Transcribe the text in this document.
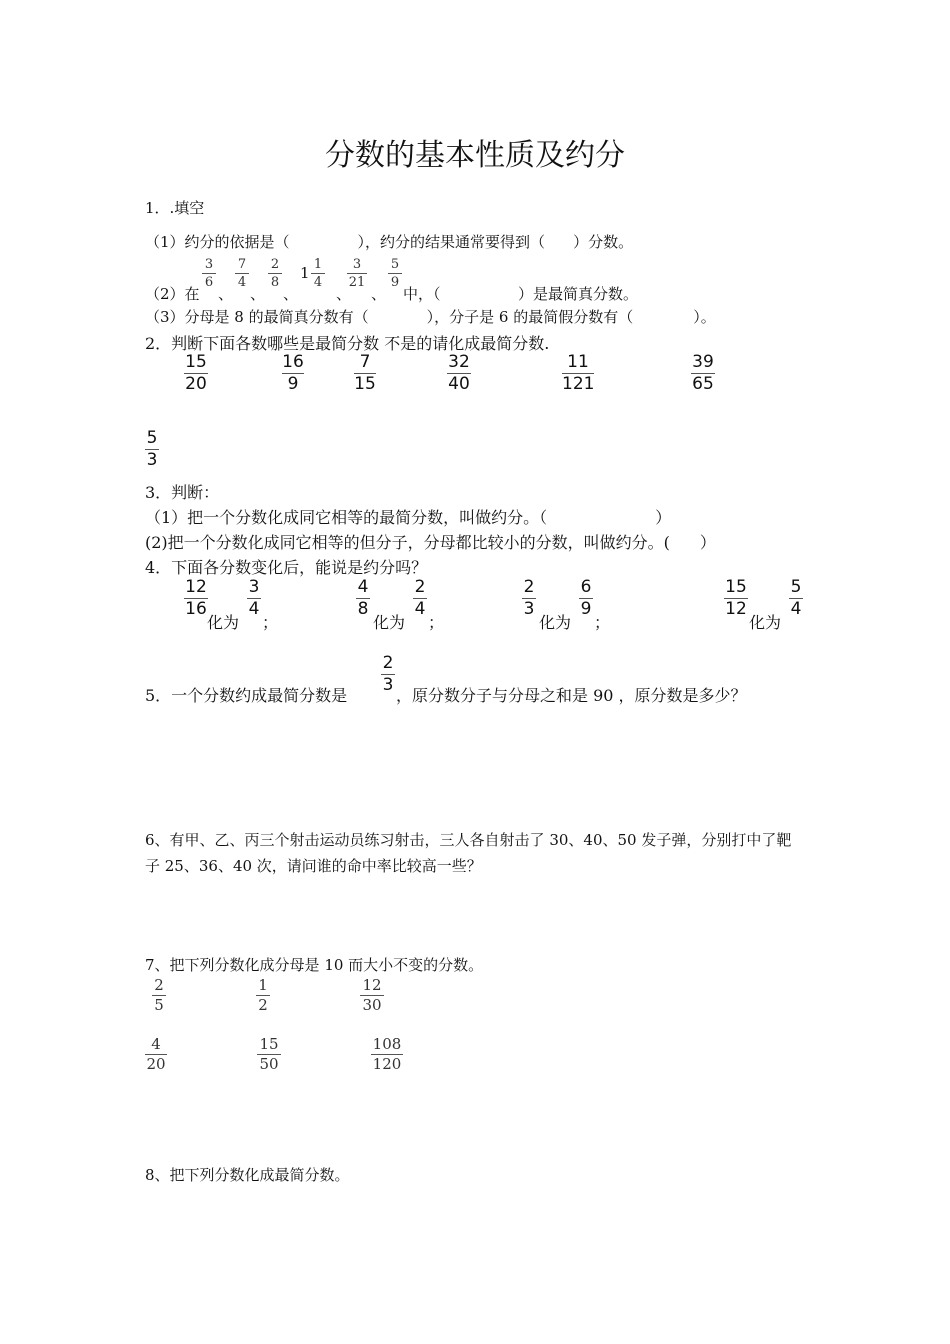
分数的基本性质及约分
1．.填空
（1）约分的依据是（	），约分的结果通常要得到（ ）分数。
（2）在 、 、 、
1
、 、 中，（	）是最简真分数。
3
6
7
4
2
8
1
4
3
21
5
9
（3）分母是 8 的最简真分数有（	），分子是 6 的最简假分数有（	）。
2．判断下面各数哪些是最简分数 不是的请化成最简分数.
15
20
16
9
7
15
32
40
11
121
39
65
5
3
3．判断：
（1）把一个分数化成同它相等的最简分数，叫做约分。（	）
(2)把一个分数化成同它相等的但分子，分母都比较小的分数，叫做约分。( ）
4．下面各分数变化后，能说是约分吗？
12
16
化为
3
4
；
4
8
化为
2
4
；
2
3
化为
6
9
；
15
12
化为
5
4
5．一个分数约成最简分数是
2
3
，原分数分子与分母之和是 90 ，原分数是多少？
6、有甲、乙、丙三个射击运动员练习射击，三人各自射击了 30、40、50 发子弹，分别打中了靶
子 25、36、40 次，请问谁的命中率比较高一些？
7、把下列分数化成分母是 10 而大小不变的分数。
2
5
1
2
12
30
4
20
15
50
108
120
8、把下列分数化成最简分数。
